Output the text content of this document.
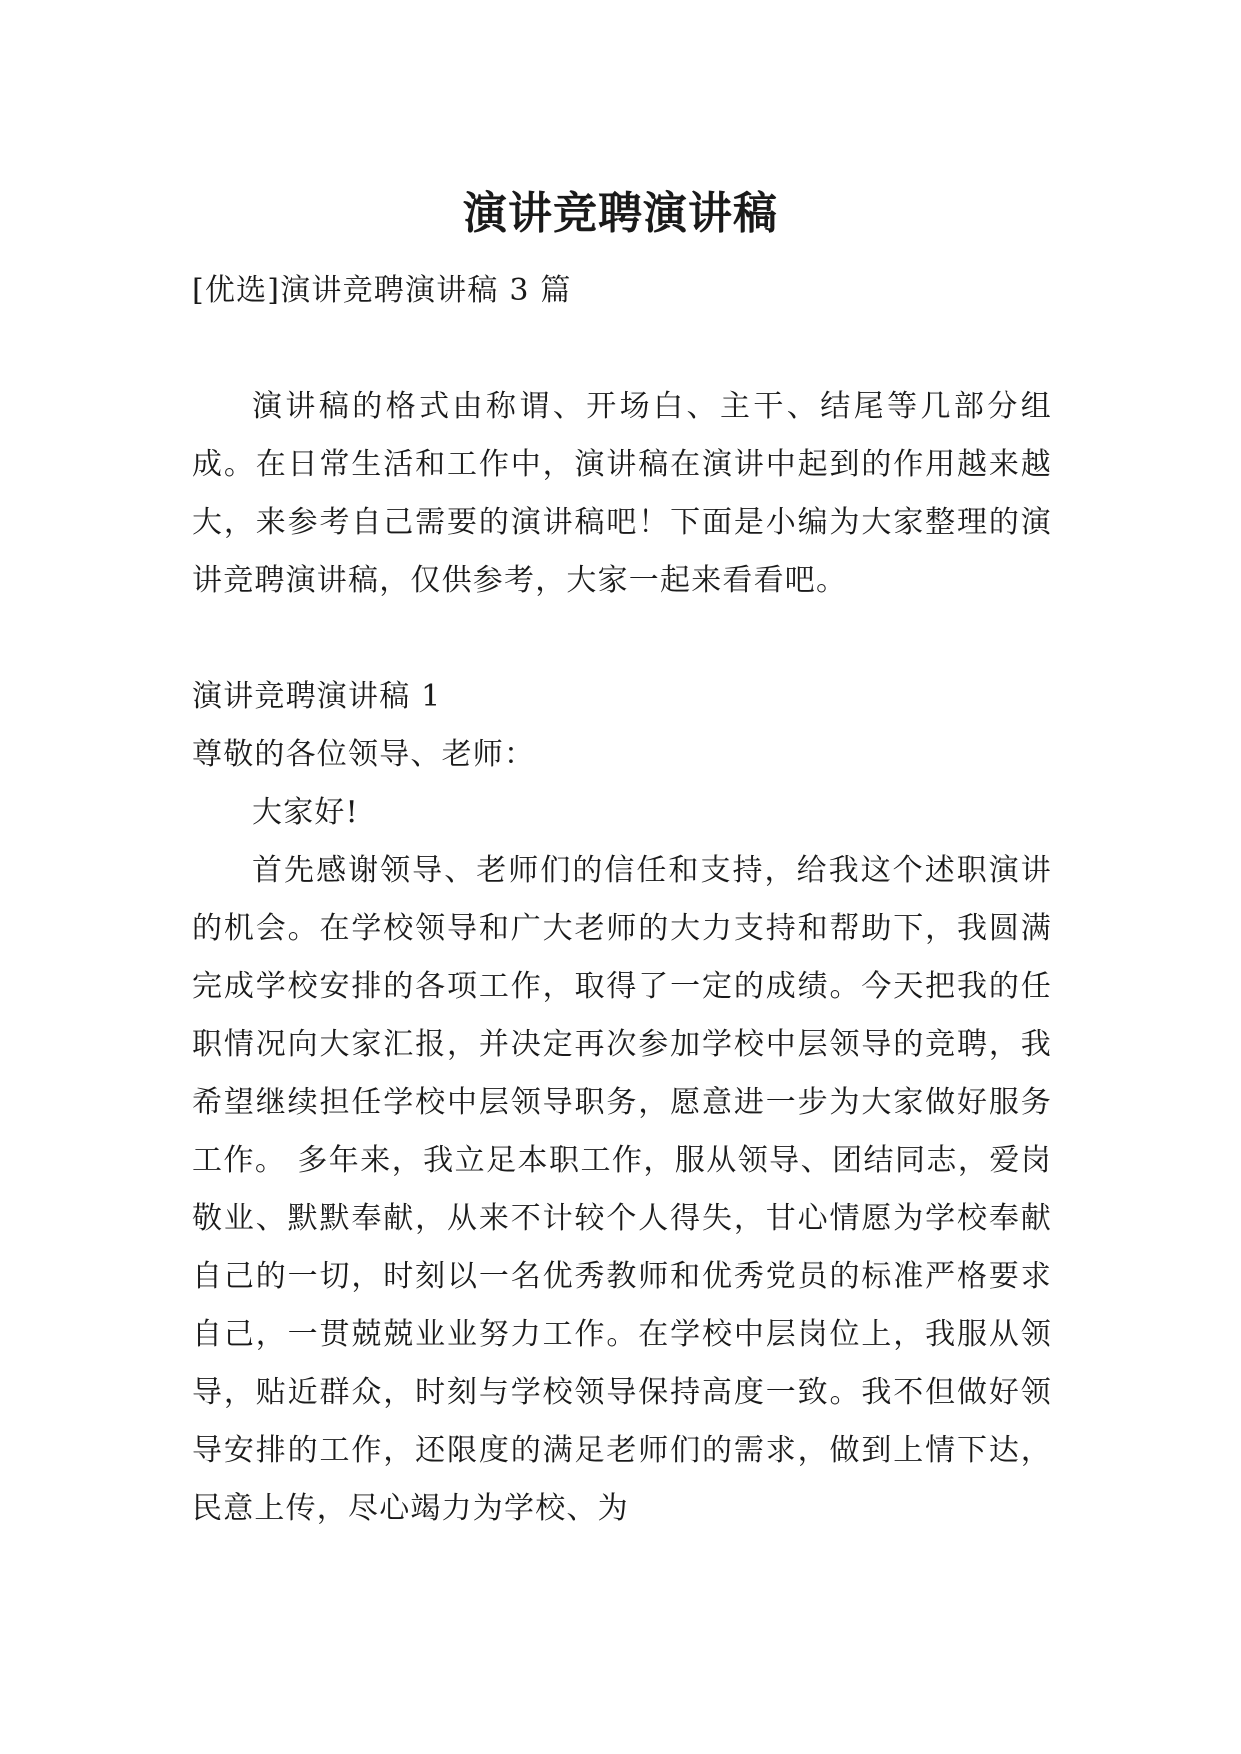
演讲竞聘演讲稿

[优选]演讲竞聘演讲稿 3 篇

演讲稿的格式由称谓、开场白、主干、结尾等几部分组成。在日常生活和工作中，演讲稿在演讲中起到的作用越来越大，来参考自己需要的演讲稿吧！下面是小编为大家整理的演讲竞聘演讲稿，仅供参考，大家一起来看看吧。

演讲竞聘演讲稿 1

尊敬的各位领导、老师：

大家好!

首先感谢领导、老师们的信任和支持，给我这个述职演讲的机会。在学校领导和广大老师的大力支持和帮助下，我圆满完成学校安排的各项工作，取得了一定的成绩。今天把我的任职情况向大家汇报，并决定再次参加学校中层领导的竞聘，我希望继续担任学校中层领导职务，愿意进一步为大家做好服务工作。 多年来，我立足本职工作，服从领导、团结同志，爱岗敬业、默默奉献，从来不计较个人得失，甘心情愿为学校奉献自己的一切，时刻以一名优秀教师和优秀党员的标准严格要求自己，一贯兢兢业业努力工作。在学校中层岗位上，我服从领导，贴近群众，时刻与学校领导保持高度一致。我不但做好领导安排的工作，还限度的满足老师们的需求，做到上情下达，民意上传，尽心竭力为学校、为
